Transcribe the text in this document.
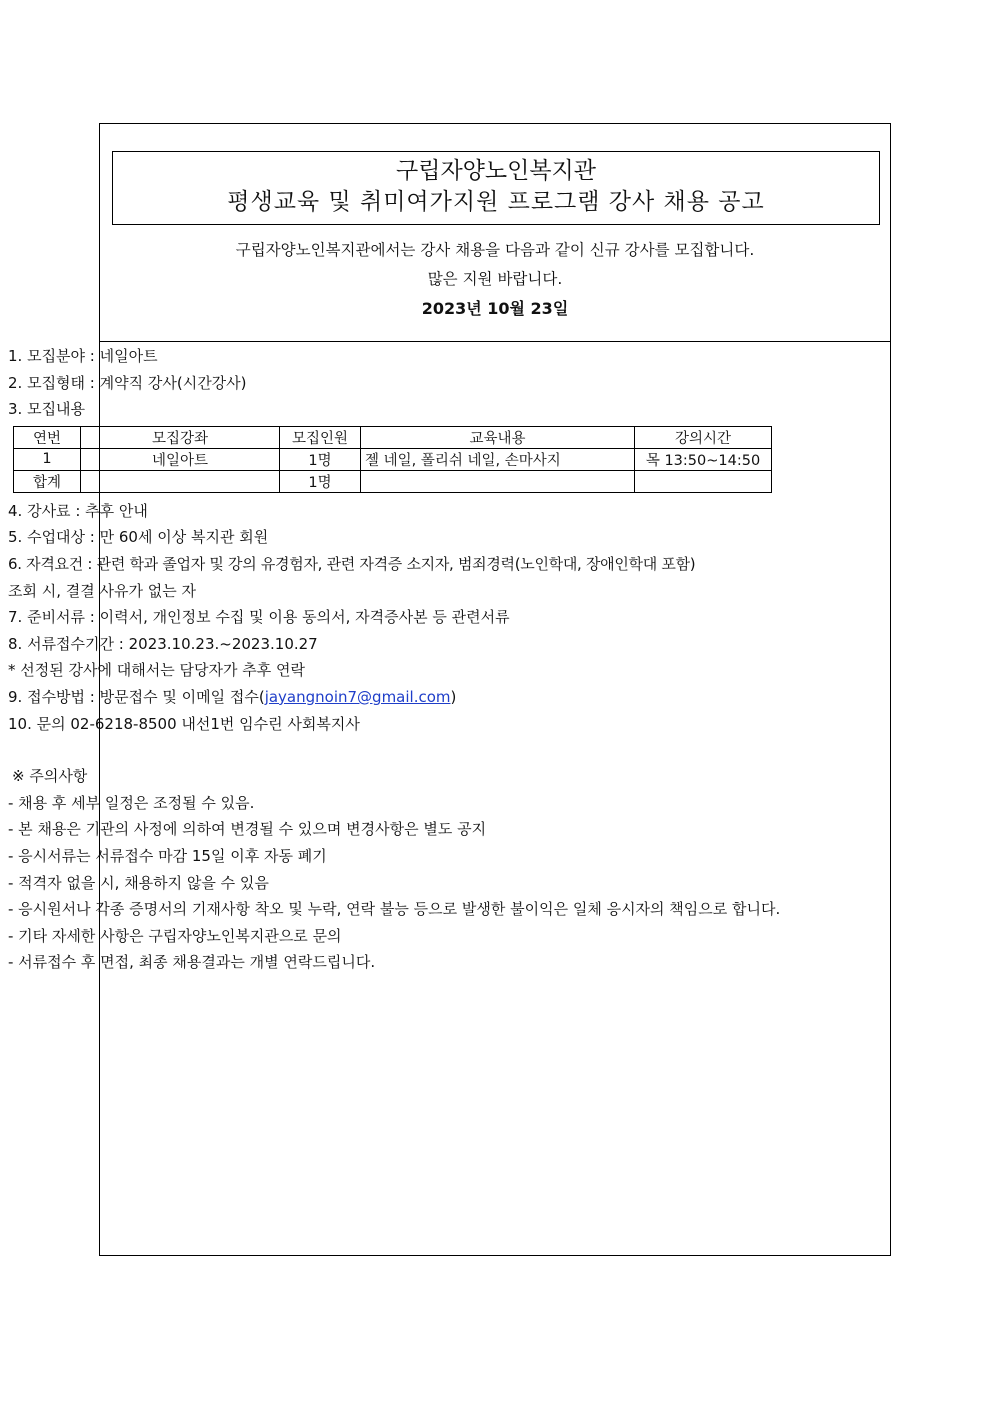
구립자양노인복지관
평생교육 및 취미여가지원 프로그램 강사 채용 공고
구립자양노인복지관에서는 강사 채용을 다음과 같이 신규 강사를 모집합니다.
많은 지원 바랍니다.
2023년 10월 23일
1. 모집분야 : 네일아트
2. 모집형태 : 계약직 강사(시간강사)
3. 모집내용
연번	모집강좌	모집인원	교육내용	강의시간
1	네일아트	1명	젤 네일, 폴리쉬 네일, 손마사지	목 13:50~14:50
합계		1명		
4. 강사료 : 추후 안내
5. 수업대상 : 만 60세 이상 복지관 회원
6. 자격요건 : 관련 학과 졸업자 및 강의 유경험자, 관련 자격증 소지자, 범죄경력(노인학대, 장애인학대 포함)
조회 시, 결결 사유가 없는 자
7. 준비서류 : 이력서, 개인정보 수집 및 이용 동의서, 자격증사본 등 관련서류
8. 서류접수기간 : 2023.10.23.~2023.10.27
* 선정된 강사에 대해서는 담당자가 추후 연락
9. 접수방법 : 방문접수 및 이메일 접수(jayangnoin7@gmail.com)
10. 문의 02-6218-8500 내선1번 임수린 사회복지사
※ 주의사항
- 채용 후 세부 일정은 조정될 수 있음.
- 본 채용은 기관의 사정에 의하여 변경될 수 있으며 변경사항은 별도 공지
- 응시서류는 서류접수 마감 15일 이후 자동 폐기
- 적격자 없을 시, 채용하지 않을 수 있음
- 응시원서나 각종 증명서의 기재사항 착오 및 누락, 연락 불능 등으로 발생한 불이익은 일체 응시자의 책임으로 합니다.
- 기타 자세한 사항은 구립자양노인복지관으로 문의
- 서류접수 후 면접, 최종 채용결과는 개별 연락드립니다.
